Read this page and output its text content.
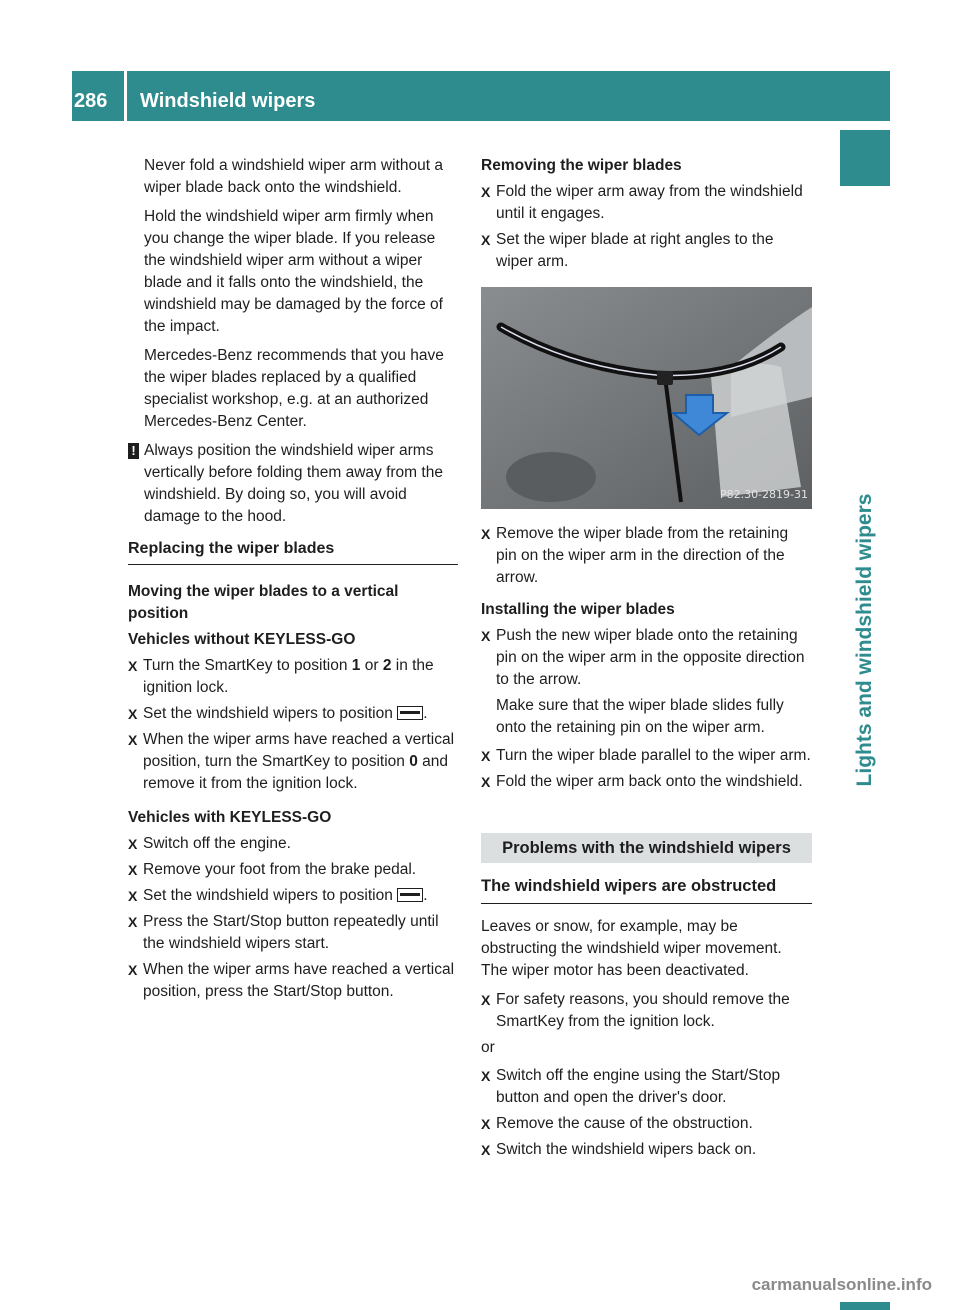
286 Windshield wipers
Lights and windshield wipers

Never fold a windshield wiper arm without a wiper blade back onto the windshield.

Hold the windshield wiper arm firmly when you change the wiper blade. If you release the windshield wiper arm without a wiper blade and it falls onto the windshield, the windshield may be damaged by the force of the impact.

Mercedes-Benz recommends that you have the wiper blades replaced by a qualified specialist workshop, e.g. at an authorized Mercedes-Benz Center.

! Always position the windshield wiper arms vertically before folding them away from the windshield. By doing so, you will avoid damage to the hood.
Replacing the wiper blades
Moving the wiper blades to a vertical position
Vehicles without KEYLESS-GO
X Turn the SmartKey to position 1 or 2 in the ignition lock.
X Set the windshield wipers to position .
X When the wiper arms have reached a vertical position, turn the SmartKey to position 0 and remove it from the ignition lock.
Vehicles with KEYLESS-GO
X Switch off the engine.
X Remove your foot from the brake pedal.
X Set the windshield wipers to position .
X Press the Start/Stop button repeatedly until the windshield wipers start.
X When the wiper arms have reached a vertical position, press the Start/Stop button.
Removing the wiper blades
X Fold the wiper arm away from the windshield until it engages.
X Set the wiper blade at right angles to the wiper arm.
P82.30-2819-31
X Remove the wiper blade from the retaining pin on the wiper arm in the direction of the arrow.
Installing the wiper blades
X Push the new wiper blade onto the retaining pin on the wiper arm in the opposite direction to the arrow.
Make sure that the wiper blade slides fully onto the retaining pin on the wiper arm.
X Turn the wiper blade parallel to the wiper arm.
X Fold the wiper arm back onto the windshield.
Problems with the windshield wipers
The windshield wipers are obstructed

Leaves or snow, for example, may be obstructing the windshield wiper movement. The wiper motor has been deactivated.

X For safety reasons, you should remove the SmartKey from the ignition lock.
or
X Switch off the engine using the Start/Stop button and open the driver's door.
X Remove the cause of the obstruction.
X Switch the windshield wipers back on.
carmanualsonline.info
